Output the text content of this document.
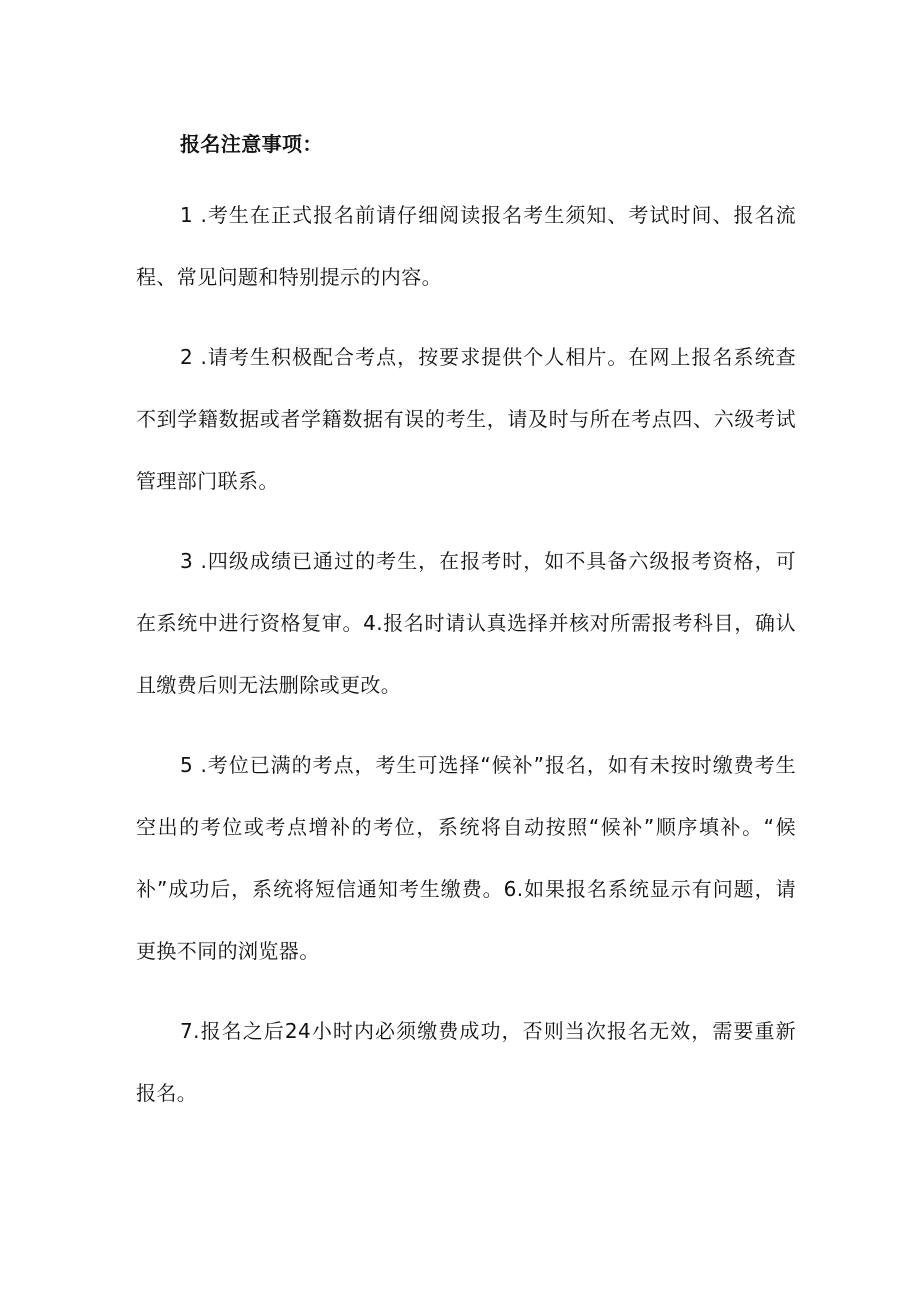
报名注意事项：

1 .考生在正式报名前请仔细阅读报名考生须知、考试时间、报名流程、常见问题和特别提示的内容。

2 .请考生积极配合考点，按要求提供个人相片。在网上报名系统查不到学籍数据或者学籍数据有误的考生，请及时与所在考点四、六级考试管理部门联系。

3 .四级成绩已通过的考生，在报考时，如不具备六级报考资格，可在系统中进行资格复审。4.报名时请认真选择并核对所需报考科目，确认且缴费后则无法删除或更改。

5 .考位已满的考点，考生可选择“候补”报名，如有未按时缴费考生空出的考位或考点增补的考位，系统将自动按照“候补”顺序填补。“候补”成功后，系统将短信通知考生缴费。6.如果报名系统显示有问题，请更换不同的浏览器。

7.报名之后24小时内必须缴费成功，否则当次报名无效，需要重新报名。
